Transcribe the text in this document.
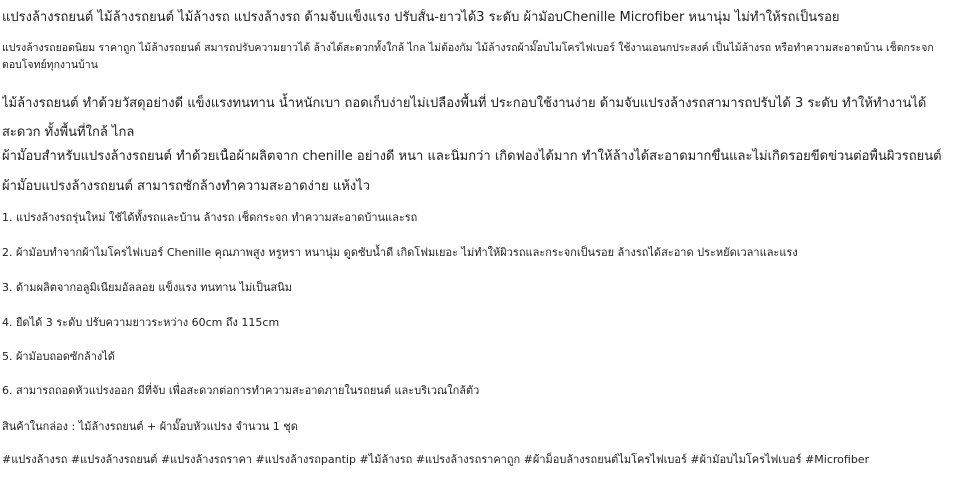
แปรงล้างรถยนต์ ไม้ล้างรถยนต์ ไม้ล้างรถ แปรงล้างรถ ด้ามจับแข็งแรง ปรับสั้น-ยาวได้3 ระดับ ผ้ามัอบChenille Microfiber หนานุ่ม ไม่ทำให้รถเป็นรอย

แปรงล้างรถยอดนิยม ราคาถูก ไม้ล้างรถยนต์ สมารถปรับความยาวได้ ล้างได้สะดวกทั้งใกล้ ไกล ไม่ต้องกัม ไม้ล้างรถผ้ามั๊อบไมโครไฟเบอร์ ใช้งานเอนกประสงค์ เป็นไม้ล้างรถ หรือทำความสะอาดบ้าน เช็ดกระจก ตอบโจทย์ทุกงานบ้าน

ไม้ล้างรถยนต์ ทำด้วยวัสดุอย่างดี แข็งแรงทนทาน น้ำหนักเบา ถอดเก็บง่ายไม่เปลืองพื้นที่ ประกอบใช้งานง่าย ด้ามจับแปรงล้างรถสามารถปรับได้ 3 ระดับ ทำให้ทำงานได้สะดวก ทั้งพื้นที่ใกล้ ไกล

ผ้ามั๊อบสำหรับแปรงล้างรถยนต์ ทำด้วยเนื้อผ้าผลิตจาก chenille อย่างดี หนา และนิ่มกว่า เกิดฟองได้มาก ทำให้ล้างได้สะอาดมากขึ้นและไม่เกิดรอยขีดข่วนต่อพื้นผิวรถยนต์

ผ้ามั๊อบแปรงล้างรถยนต์ สามารถซักล้างทำความสะอาดง่าย แห้งไว

1. แปรงล้างรถรุ่นใหม่ ใช้ได้ทั้งรถและบ้าน ล้างรถ เช็ดกระจก ทำความสะอาดบ้านและรถ

2. ผ้ามัอบทำจากผ้าไมโครไฟเบอร์ Chenille คุณภาพสูง หรูหรา หนานุ่ม ดูดซับน้ำดี เกิดโฟมเยอะ ไม่ทำให้ผิวรถและกระจกเป็นรอย ล้างรถได้สะอาด ประหยัดเวลาและแรง

3. ด้ามผลิตจากอลูมิเนียมอัลลอย แข็งแรง ทนทาน ไม่เป็นสนิม

4. ยืดได้ 3 ระดับ ปรับความยาวระหว่าง 60cm ถึง 115cm

5. ผ้ามัอบถอดซักล้างได้

6. สามารถถอดหัวแปรงออก มีที่จับ เพื่อสะดวกต่อการทำความสะอาดภายในรถยนต์ และบริเวณใกล้ตัว

สินค้าในกล่อง : ไม้ล้างรถยนต์ + ผ้ามั๊อบหัวแปรง จำนวน 1 ชุด

#แปรงล้างรถ #แปรงล้างรถยนต์ #แปรงล้างรถราคา #แปรงล้างรถpantip #ไม้ล้างรถ #แปรงล้างรถราคาถูก #ผ้าม็อบล้างรถยนต์ไมโครไฟเบอร์ #ผ้ามัอบไมโครไฟเบอร์ #Microfiber
